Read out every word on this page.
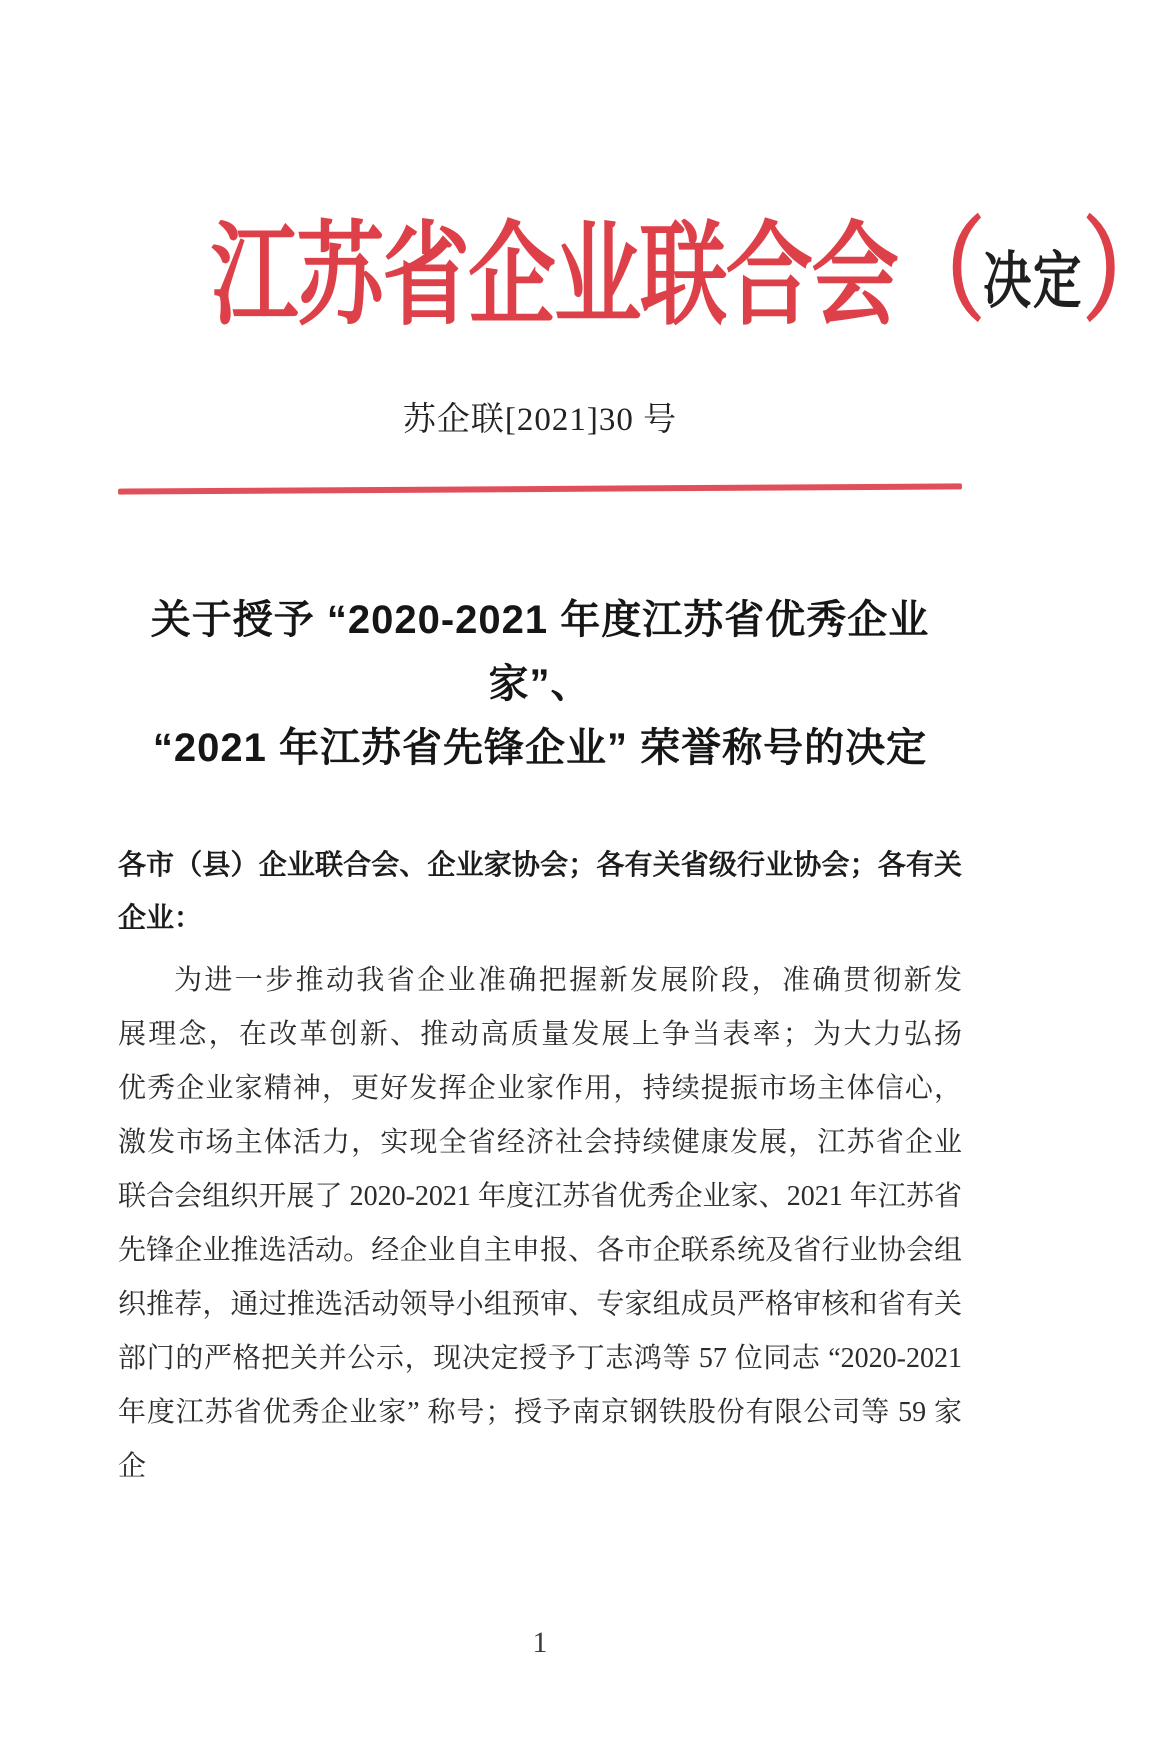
江苏省企业联合会（决定）
苏企联[2021]30 号
关于授予 “2020-2021 年度江苏省优秀企业家”、
“2021 年江苏省先锋企业” 荣誉称号的决定
各市（县）企业联合会、企业家协会；各有关省级行业协会；各有关
企业：
为进一步推动我省企业准确把握新发展阶段，准确贯彻新发
展理念，在改革创新、推动高质量发展上争当表率；为大力弘扬
优秀企业家精神，更好发挥企业家作用，持续提振市场主体信心，
激发市场主体活力，实现全省经济社会持续健康发展，江苏省企业
联合会组织开展了 2020-2021 年度江苏省优秀企业家、2021 年江苏省
先锋企业推选活动。经企业自主申报、各市企联系统及省行业协会组
织推荐，通过推选活动领导小组预审、专家组成员严格审核和省有关
部门的严格把关并公示，现决定授予丁志鸿等 57 位同志 “2020-2021
年度江苏省优秀企业家” 称号；授予南京钢铁股份有限公司等 59 家企
1
